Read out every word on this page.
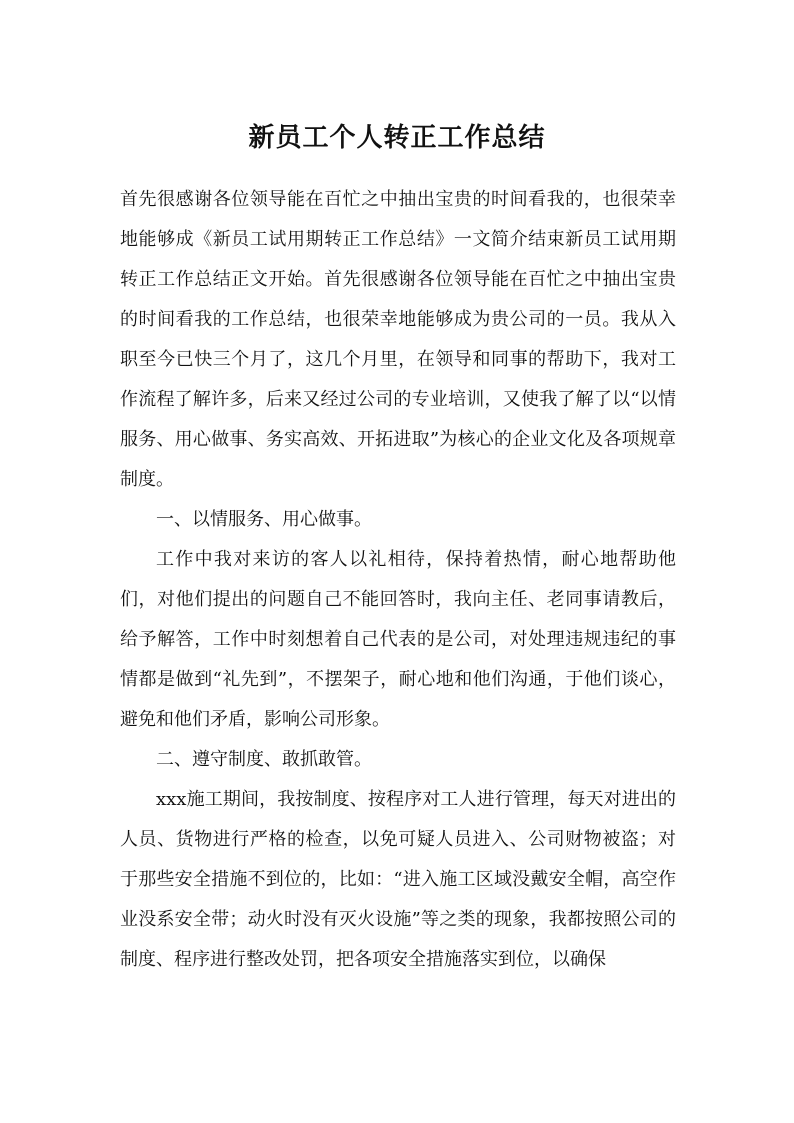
新员工个人转正工作总结

首先很感谢各位领导能在百忙之中抽出宝贵的时间看我的，也很荣幸地能够成《新员工试用期转正工作总结》一文简介结束新员工试用期转正工作总结正文开始。首先很感谢各位领导能在百忙之中抽出宝贵的时间看我的工作总结，也很荣幸地能够成为贵公司的一员。我从入职至今已快三个月了，这几个月里，在领导和同事的帮助下，我对工作流程了解许多，后来又经过公司的专业培训，又使我了解了以“以情服务、用心做事、务实高效、开拓进取”为核心的企业文化及各项规章制度。

一、以情服务、用心做事。

工作中我对来访的客人以礼相待，保持着热情，耐心地帮助他们，对他们提出的问题自己不能回答时，我向主任、老同事请教后，给予解答，工作中时刻想着自己代表的是公司，对处理违规违纪的事情都是做到“礼先到”，不摆架子，耐心地和他们沟通，于他们谈心，避免和他们矛盾，影响公司形象。

二、遵守制度、敢抓敢管。

xxx施工期间，我按制度、按程序对工人进行管理，每天对进出的人员、货物进行严格的检查，以免可疑人员进入、公司财物被盗；对于那些安全措施不到位的，比如：“进入施工区域没戴安全帽，高空作业没系安全带；动火时没有灭火设施”等之类的现象，我都按照公司的制度、程序进行整改处罚，把各项安全措施落实到位，以确保
